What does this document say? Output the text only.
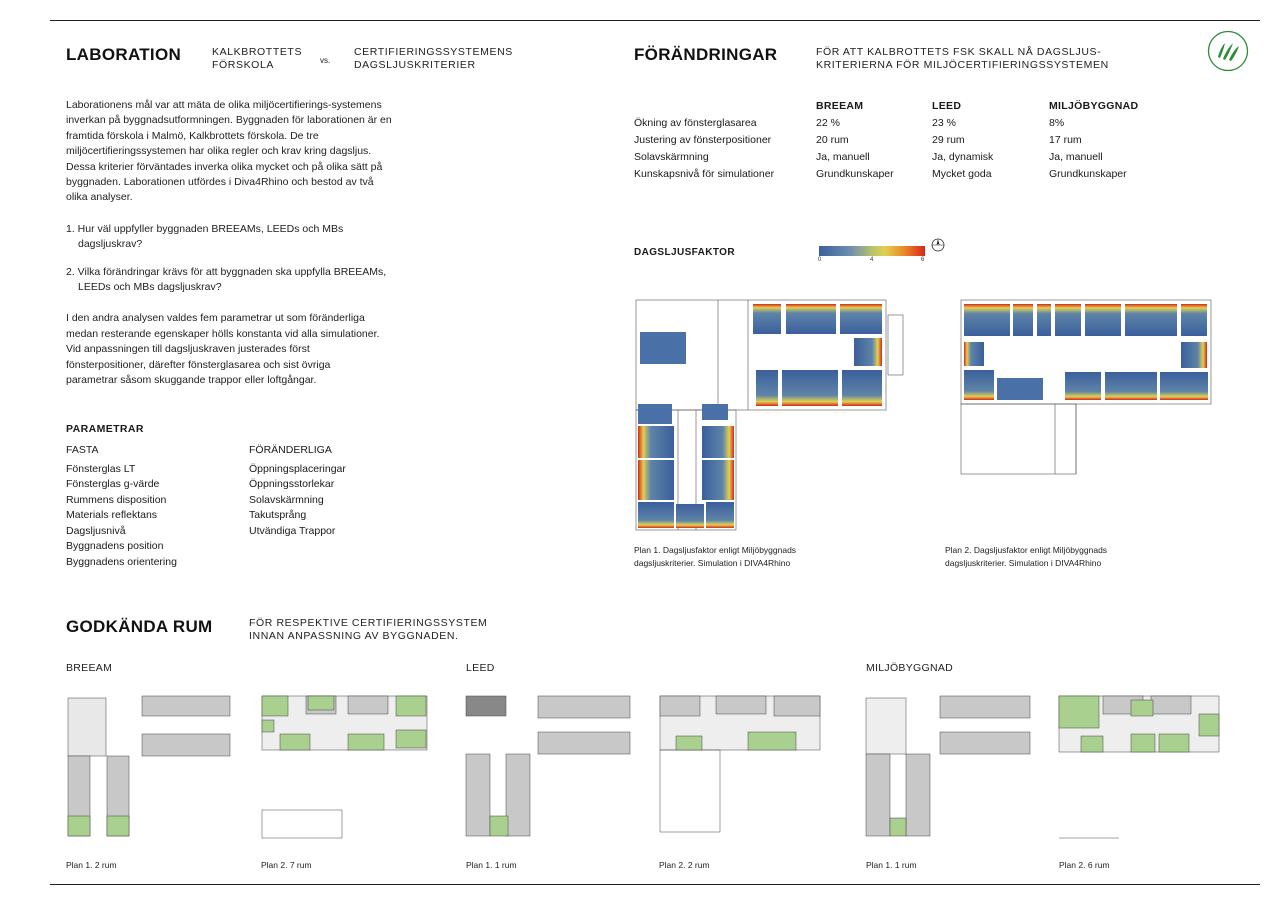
LABORATION	KALKBROTTETS
FÖRSKOLA	vs.
CERTIFIERINGSSYSTEMENS
DAGSLJUSKRITERIER

Laborationens mål var att mäta de olika miljöcertifierings-systemens inverkan på byggnadsutformningen. Byggnaden för laborationen är en framtida förskola i Malmö, Kalkbrottets förskola. De tre miljöcertifieringssystemen har olika regler och krav kring dagsljus. Dessa kriterier förväntades inverka olika mycket och på olika sätt på byggnaden. Laborationen utfördes i Diva4Rhino och bestod av två olika analyser.

1. Hur väl uppfyller byggnaden BREEAMs, LEEDs och MBs dagsljuskrav?
2. Vilka förändringar krävs för att byggnaden ska uppfylla BREEAMs, LEEDs och MBs dagsljuskrav?

I den andra analysen valdes fem parametrar ut som föränderliga medan resterande egenskaper hölls konstanta vid alla simulationer. Vid anpassningen till dagsljuskraven justerades först fönsterpositioner, därefter fönsterglasarea och sist övriga parametrar såsom skuggande trappor eller loftgångar.

PARAMETRAR
FASTA
Fönsterglas LT
Fönsterglas g-värde
Rummens disposition
Materials reflektans
Dagsljusnivå
Byggnadens position
Byggnadens orientering
FÖRÄNDERLIGA
Öppningsplaceringar
Öppningsstorlekar
Solavskärmning
Takutsprång
Utvändiga Trappor
FÖRÄNDRINGAR	FÖR ATT KALBROTTETS FSK SKALL NÅ DAGSLJUS-
KRITERIERNA FÖR MILJÖCERTIFIERINGSSYSTEMEN
	BREEAM	LEED	MILJÖBYGGNAD
Ökning av fönsterglasarea	22 %	23 %	8%
Justering av fönsterpositioner	20 rum	29 rum	17 rum
Solavskärmning	Ja, manuell	Ja, dynamisk	Ja, manuell
Kunskapsnivå för simulationer	Grundkunskaper	Mycket goda	Grundkunskaper
DAGSLJUSFAKTOR
0	4	6
Plan 1. Dagsljusfaktor enligt Miljöbyggnads
dagsljuskriterier. Simulation i DIVA4Rhino
Plan 2. Dagsljusfaktor enligt Miljöbyggnads
dagsljuskriterier. Simulation i DIVA4Rhino
GODKÄNDA RUM	FÖR RESPEKTIVE CERTIFIERINGSSYSTEM
INNAN ANPASSNING AV BYGGNADEN.
BREEAM	LEED	MILJÖBYGGNAD
Plan 1. 2 rum	Plan 2. 7 rum	Plan 1. 1 rum	Plan 2. 2 rum	Plan 1. 1 rum	Plan 2. 6 rum
